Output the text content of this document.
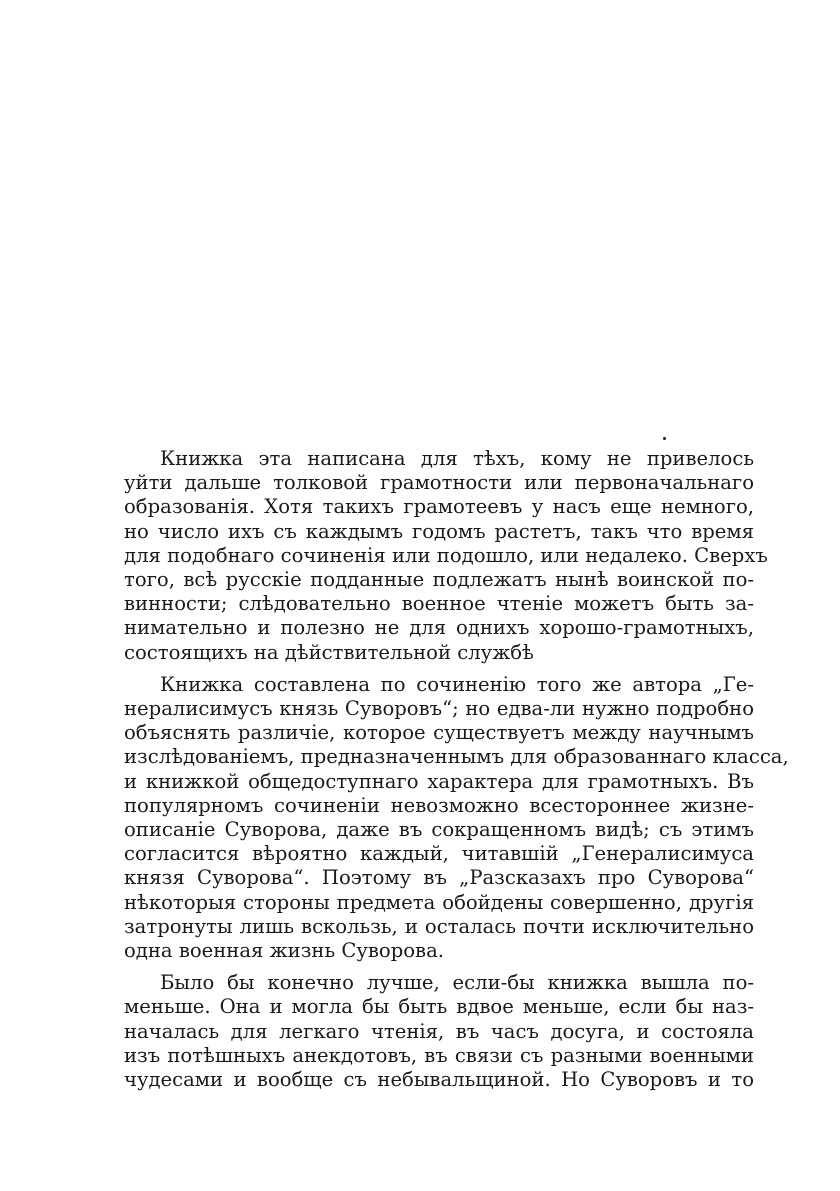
Книжка эта написана для тѣхъ, кому не привелось
уйти дальше толковой грамотности или первоначальнаго
образованія. Хотя такихъ грамотеевъ у насъ еще немного,
но число ихъ съ каждымъ годомъ растетъ, такъ что время
для подобнаго сочиненія или подошло, или недалеко. Сверхъ
того, всѣ русскіе подданные подлежатъ нынѣ воинской по-
винности; слѣдовательно военное чтеніе можетъ быть за-
нимательно и полезно не для однихъ хорошо-грамотныхъ,
состоящихъ на дѣйствительной службѣ
Книжка составлена по сочиненію того же автора „Ге-
нералисимусъ князь Суворовъ“; но едва-ли нужно подробно
объяснять различіе, которое существуетъ между научнымъ
изслѣдованіемъ, предназначеннымъ для образованнаго класса,
и книжкой общедоступнаго характера для грамотныхъ. Въ
популярномъ сочиненіи невозможно всестороннее жизне-
описаніе Суворова, даже въ сокращенномъ видѣ; съ этимъ
согласится вѣроятно каждый, читавшій „Генералисимуса
князя Суворова“. Поэтому въ „Разсказахъ про Суворова“
нѣкоторыя стороны предмета обойдены совершенно, другія
затронуты лишь вскользь, и осталась почти исключительно
одна военная жизнь Суворова.
Было бы конечно лучше, если-бы книжка вышла по-
меньше. Она и могла бы быть вдвое меньше, если бы наз-
началась для легкаго чтенія, въ часъ досуга, и состояла
изъ потѣшныхъ анекдотовъ, въ связи съ разными военными
чудесами и вообще съ небывальщиной. Но Суворовъ и то
